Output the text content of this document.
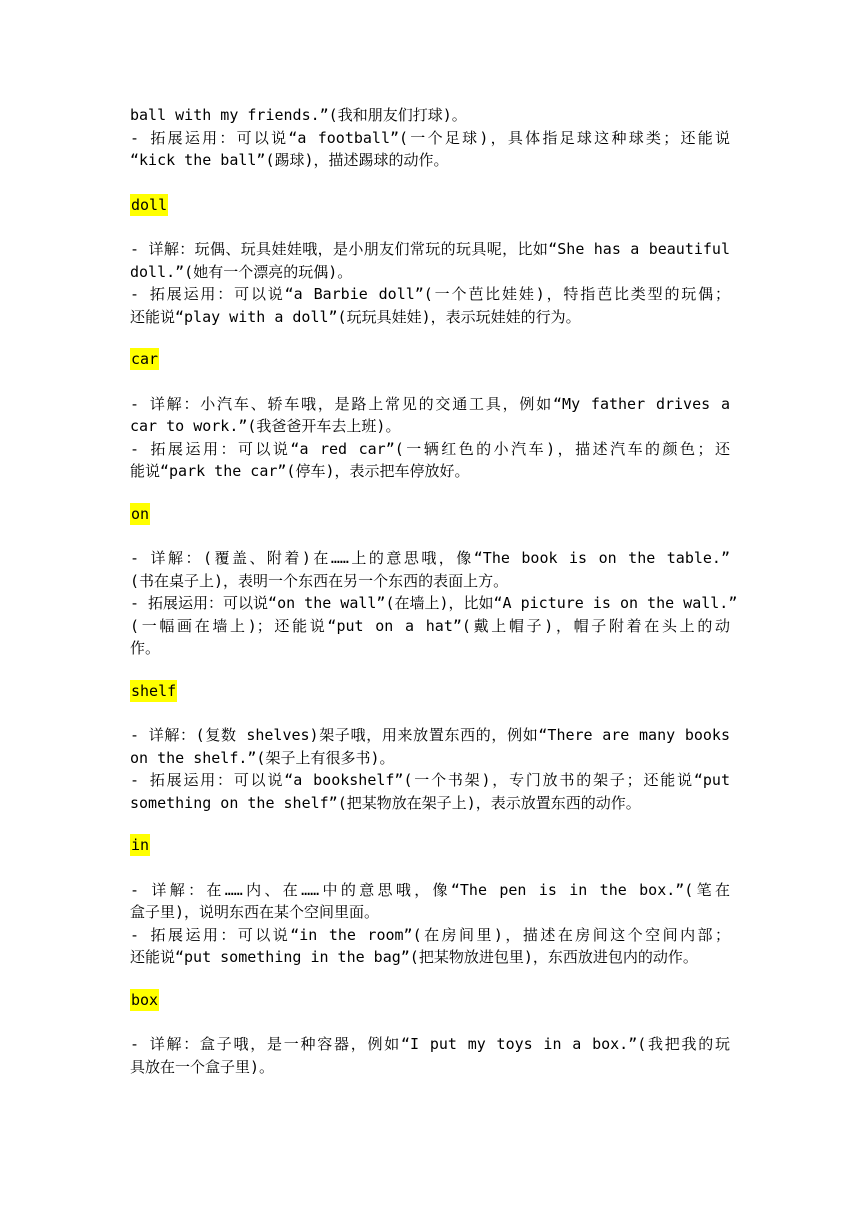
ball with my friends.”(我和朋友们打球)。
- 拓展运用：可以说“a football”(一个足球)，具体指足球这种球类；还能说
“kick the ball”(踢球)，描述踢球的动作。
doll
- 详解：玩偶、玩具娃娃哦，是小朋友们常玩的玩具呢，比如“She has a beautiful
doll.”(她有一个漂亮的玩偶)。
- 拓展运用：可以说“a Barbie doll”(一个芭比娃娃)，特指芭比类型的玩偶；
还能说“play with a doll”(玩玩具娃娃)，表示玩娃娃的行为。
car
- 详解：小汽车、轿车哦，是路上常见的交通工具，例如“My father drives a
car to work.”(我爸爸开车去上班)。
- 拓展运用：可以说“a red car”(一辆红色的小汽车)，描述汽车的颜色；还
能说“park the car”(停车)，表示把车停放好。
on
- 详解：(覆盖、附着)在……上的意思哦，像“The book is on the table.”
(书在桌子上)，表明一个东西在另一个东西的表面上方。
- 拓展运用：可以说“on the wall”(在墙上)，比如“A picture is on the wall.”
(一幅画在墙上)；还能说“put on a hat”(戴上帽子)，帽子附着在头上的动
作。
shelf
- 详解：(复数 shelves)架子哦，用来放置东西的，例如“There are many books
on the shelf.”(架子上有很多书)。
- 拓展运用：可以说“a bookshelf”(一个书架)，专门放书的架子；还能说“put
something on the shelf”(把某物放在架子上)，表示放置东西的动作。
in
- 详解：在……内、在……中的意思哦，像“The pen is in the box.”(笔在
盒子里)，说明东西在某个空间里面。
- 拓展运用：可以说“in the room”(在房间里)，描述在房间这个空间内部；
还能说“put something in the bag”(把某物放进包里)，东西放进包内的动作。
box
- 详解：盒子哦，是一种容器，例如“I put my toys in a box.”(我把我的玩
具放在一个盒子里)。
